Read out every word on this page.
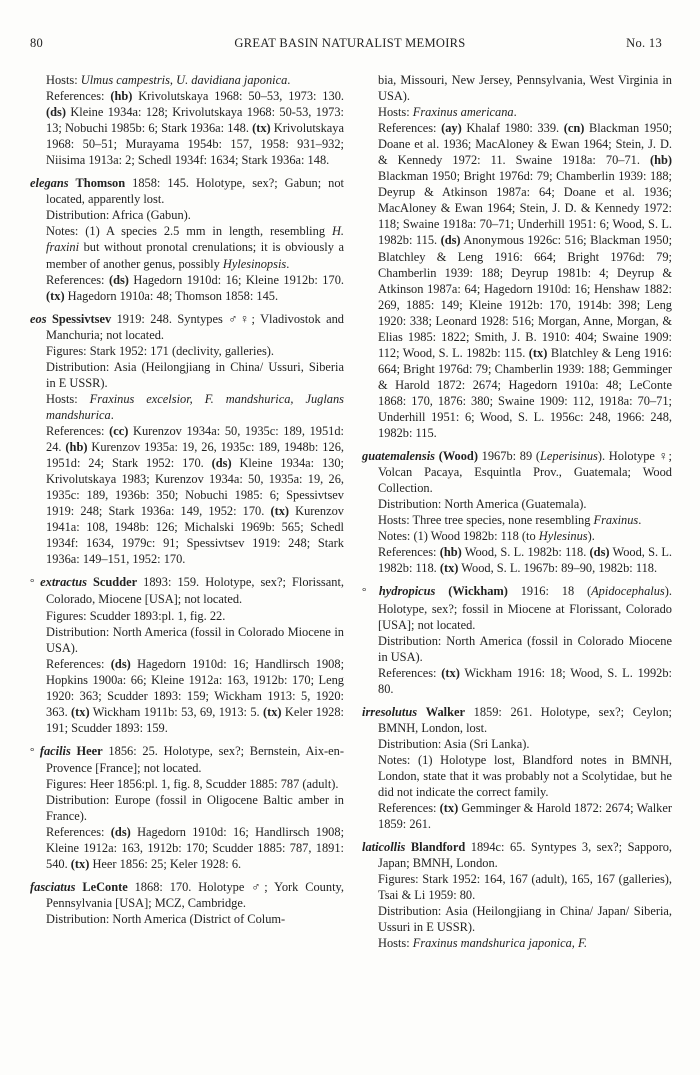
80	GREAT BASIN NATURALIST MEMOIRS	No. 13

Hosts: Ulmus campestris, U. davidiana japonica.

References: (hb) Krivolutskaya 1968: 50–53, 1973: 130. (ds) Kleine 1934a: 128; Krivolutskaya 1968: 50-53, 1973: 13; Nobuchi 1985b: 6; Stark 1936a: 148. (tx) Krivolutskaya 1968: 50–51; Murayama 1954b: 157, 1958: 931–932; Niisima 1913a: 2; Schedl 1934f: 1634; Stark 1936a: 148.

elegans Thomson 1858: 145. Holotype, sex?; Gabun; not located, apparently lost.

Distribution: Africa (Gabun).

Notes: (1) A species 2.5 mm in length, resembling H. fraxini but without pronotal crenulations; it is obviously a member of another genus, possibly Hylesinopsis.

References: (ds) Hagedorn 1910d: 16; Kleine 1912b: 170. (tx) Hagedorn 1910a: 48; Thomson 1858: 145.

eos Spessivtsev 1919: 248. Syntypes ♂♀; Vladivostok and Manchuria; not located.

Figures: Stark 1952: 171 (declivity, galleries).

Distribution: Asia (Heilongjiang in China/ Ussuri, Siberia in E USSR).

Hosts: Fraxinus excelsior, F. mandshurica, Juglans mandshurica.

References: (cc) Kurenzov 1934a: 50, 1935c: 189, 1951d: 24. (hb) Kurenzov 1935a: 19, 26, 1935c: 189, 1948b: 126, 1951d: 24; Stark 1952: 170. (ds) Kleine 1934a: 130; Krivolutskaya 1983; Kurenzov 1934a: 50, 1935a: 19, 26, 1935c: 189, 1936b: 350; Nobuchi 1985: 6; Spessivtsev 1919: 248; Stark 1936a: 149, 1952: 170. (tx) Kurenzov 1941a: 108, 1948b: 126; Michalski 1969b: 565; Schedl 1934f: 1634, 1979c: 91; Spessivtsev 1919: 248; Stark 1936a: 149–151, 1952: 170.

° extractus Scudder 1893: 159. Holotype, sex?; Florissant, Colorado, Miocene [USA]; not located.

Figures: Scudder 1893:pl. 1, fig. 22.

Distribution: North America (fossil in Colorado Miocene in USA).

References: (ds) Hagedorn 1910d: 16; Handlirsch 1908; Hopkins 1900a: 66; Kleine 1912a: 163, 1912b: 170; Leng 1920: 363; Scudder 1893: 159; Wickham 1913: 5, 1920: 363. (tx) Wickham 1911b: 53, 69, 1913: 5. (tx) Keler 1928: 191; Scudder 1893: 159.

° facilis Heer 1856: 25. Holotype, sex?; Bernstein, Aix-en-Provence [France]; not located.

Figures: Heer 1856:pl. 1, fig. 8, Scudder 1885: 787 (adult).

Distribution: Europe (fossil in Oligocene Baltic amber in France).

References: (ds) Hagedorn 1910d: 16; Handlirsch 1908; Kleine 1912a: 163, 1912b: 170; Scudder 1885: 787, 1891: 540. (tx) Heer 1856: 25; Keler 1928: 6.

fasciatus LeConte 1868: 170. Holotype ♂; York County, Pennsylvania [USA]; MCZ, Cambridge.

Distribution: North America (District of Colum-

bia, Missouri, New Jersey, Pennsylvania, West Virginia in USA).

Hosts: Fraxinus americana.

References: (ay) Khalaf 1980: 339. (cn) Blackman 1950; Doane et al. 1936; MacAloney & Ewan 1964; Stein, J. D. & Kennedy 1972: 11. Swaine 1918a: 70–71. (hb) Blackman 1950; Bright 1976d: 79; Chamberlin 1939: 188; Deyrup & Atkinson 1987a: 64; Doane et al. 1936; MacAloney & Ewan 1964; Stein, J. D. & Kennedy 1972: 118; Swaine 1918a: 70–71; Underhill 1951: 6; Wood, S. L. 1982b: 115. (ds) Anonymous 1926c: 516; Blackman 1950; Blatchley & Leng 1916: 664; Bright 1976d: 79; Chamberlin 1939: 188; Deyrup 1981b: 4; Deyrup & Atkinson 1987a: 64; Hagedorn 1910d: 16; Henshaw 1882: 269, 1885: 149; Kleine 1912b: 170, 1914b: 398; Leng 1920: 338; Leonard 1928: 516; Morgan, Anne, Morgan, & Elias 1985: 1822; Smith, J. B. 1910: 404; Swaine 1909: 112; Wood, S. L. 1982b: 115. (tx) Blatchley & Leng 1916: 664; Bright 1976d: 79; Chamberlin 1939: 188; Gemminger & Harold 1872: 2674; Hagedorn 1910a: 48; LeConte 1868: 170, 1876: 380; Swaine 1909: 112, 1918a: 70–71; Underhill 1951: 6; Wood, S. L. 1956c: 248, 1966: 248, 1982b: 115.

guatemalensis (Wood) 1967b: 89 (Leperisinus). Holotype ♀; Volcan Pacaya, Esquintla Prov., Guatemala; Wood Collection.

Distribution: North America (Guatemala).

Hosts: Three tree species, none resembling Fraxinus.

Notes: (1) Wood 1982b: 118 (to Hylesinus).

References: (hb) Wood, S. L. 1982b: 118. (ds) Wood, S. L. 1982b: 118. (tx) Wood, S. L. 1967b: 89–90, 1982b: 118.

° hydropicus (Wickham) 1916: 18 (Apidocephalus). Holotype, sex?; fossil in Miocene at Florissant, Colorado [USA]; not located.

Distribution: North America (fossil in Colorado Miocene in USA).

References: (tx) Wickham 1916: 18; Wood, S. L. 1992b: 80.

irresolutus Walker 1859: 261. Holotype, sex?; Ceylon; BMNH, London, lost.

Distribution: Asia (Sri Lanka).

Notes: (1) Holotype lost, Blandford notes in BMNH, London, state that it was probably not a Scolytidae, but he did not indicate the correct family.

References: (tx) Gemminger & Harold 1872: 2674; Walker 1859: 261.

laticollis Blandford 1894c: 65. Syntypes 3, sex?; Sapporo, Japan; BMNH, London.

Figures: Stark 1952: 164, 167 (adult), 165, 167 (galleries), Tsai & Li 1959: 80.

Distribution: Asia (Heilongjiang in China/ Japan/ Siberia, Ussuri in E USSR).

Hosts: Fraxinus mandshurica japonica, F.
